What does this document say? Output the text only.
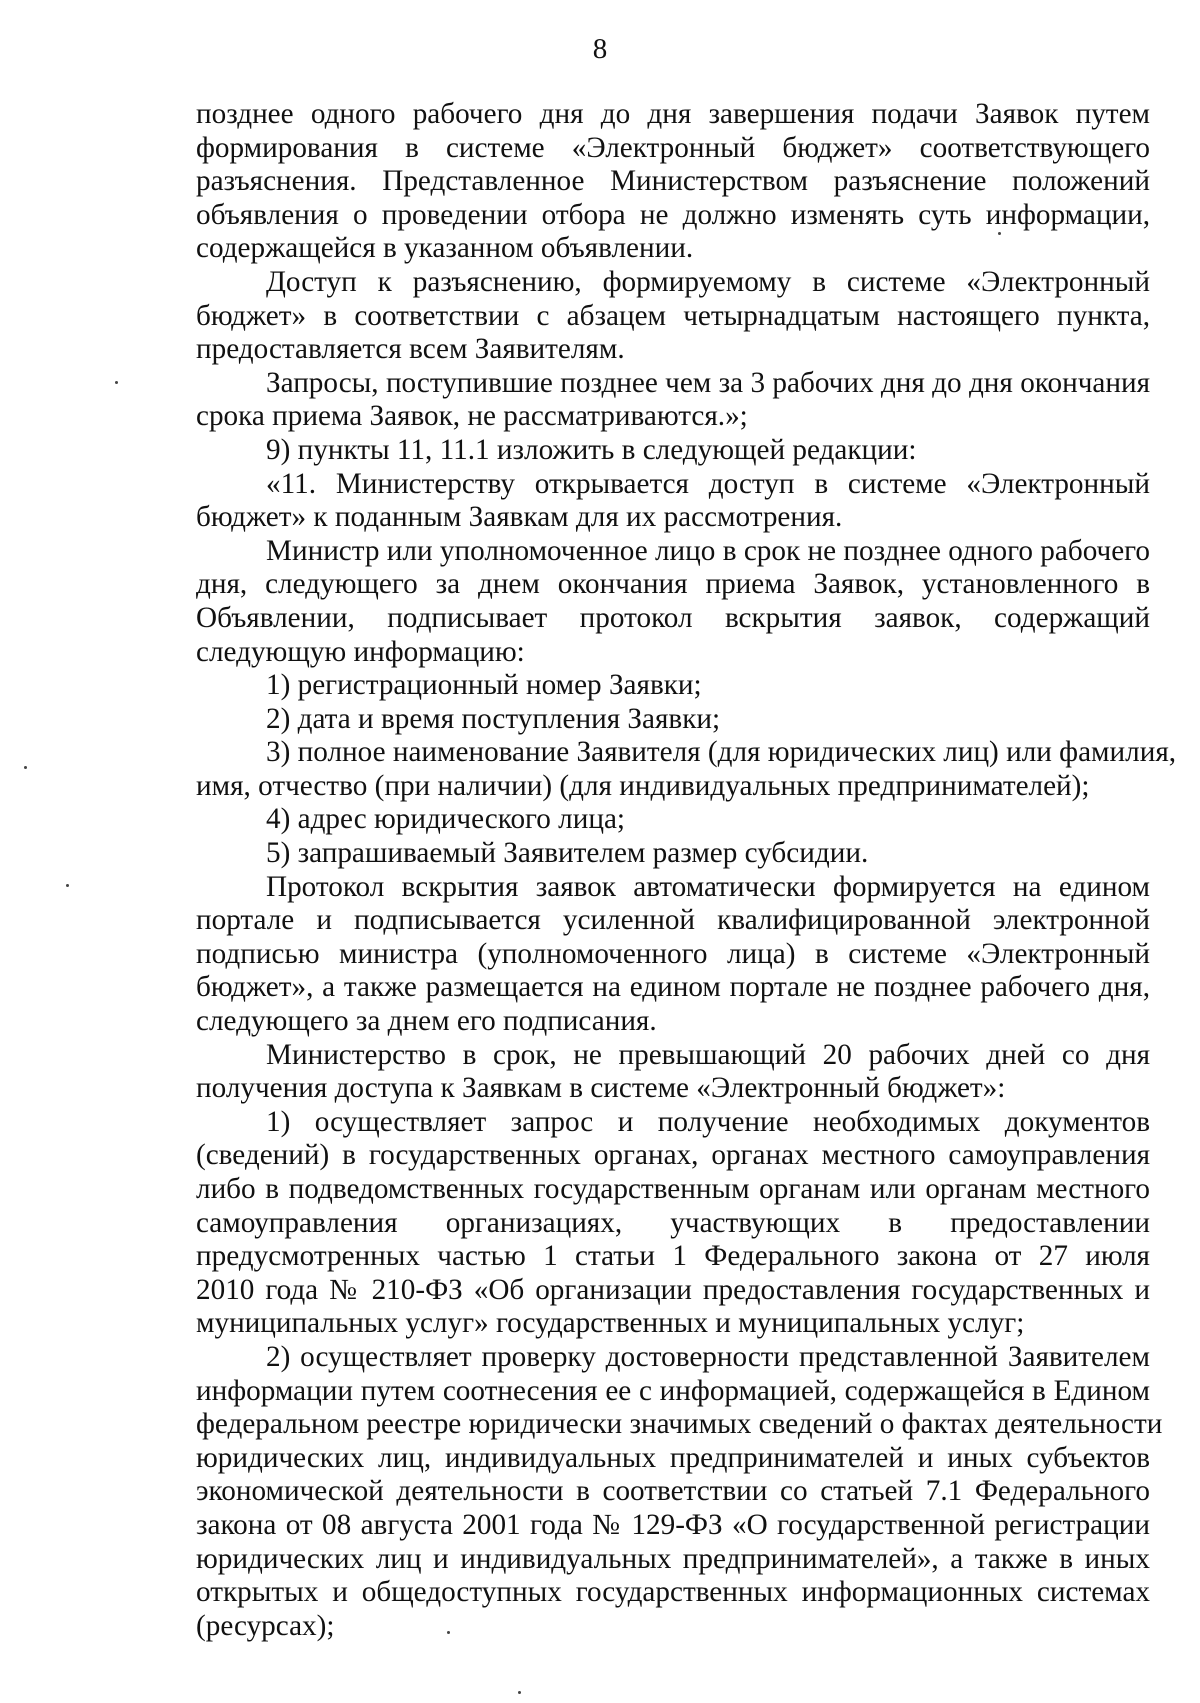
8
позднее одного рабочего дня до дня завершения подачи Заявок путем
формирования в системе «Электронный бюджет» соответствующего
разъяснения. Представленное Министерством разъяснение положений
объявления о проведении отбора не должно изменять суть информации,
содержащейся в указанном объявлении.
Доступ к разъяснению, формируемому в системе «Электронный
бюджет» в соответствии с абзацем четырнадцатым настоящего пункта,
предоставляется всем Заявителям.
Запросы, поступившие позднее чем за 3 рабочих дня до дня окончания
срока приема Заявок, не рассматриваются.»;
9) пункты 11, 11.1 изложить в следующей редакции:
«11. Министерству открывается доступ в системе «Электронный
бюджет» к поданным Заявкам для их рассмотрения.
Министр или уполномоченное лицо в срок не позднее одного рабочего
дня, следующего за днем окончания приема Заявок, установленного в
Объявлении, подписывает протокол вскрытия заявок, содержащий
следующую информацию:
1) регистрационный номер Заявки;
2) дата и время поступления Заявки;
3) полное наименование Заявителя (для юридических лиц) или фамилия,
имя, отчество (при наличии) (для индивидуальных предпринимателей);
4) адрес юридического лица;
5) запрашиваемый Заявителем размер субсидии.
Протокол вскрытия заявок автоматически формируется на едином
портале и подписывается усиленной квалифицированной электронной
подписью министра (уполномоченного лица) в системе «Электронный
бюджет», а также размещается на едином портале не позднее рабочего дня,
следующего за днем его подписания.
Министерство в срок, не превышающий 20 рабочих дней со дня
получения доступа к Заявкам в системе «Электронный бюджет»:
1) осуществляет запрос и получение необходимых документов
(сведений) в государственных органах, органах местного самоуправления
либо в подведомственных государственным органам или органам местного
самоуправления организациях, участвующих в предоставлении
предусмотренных частью 1 статьи 1 Федерального закона от 27 июля
2010 года № 210-ФЗ «Об организации предоставления государственных и
муниципальных услуг» государственных и муниципальных услуг;
2) осуществляет проверку достоверности представленной Заявителем
информации путем соотнесения ее с информацией, содержащейся в Едином
федеральном реестре юридически значимых сведений о фактах деятельности
юридических лиц, индивидуальных предпринимателей и иных субъектов
экономической деятельности в соответствии со статьей 7.1 Федерального
закона от 08 августа 2001 года № 129-ФЗ «О государственной регистрации
юридических лиц и индивидуальных предпринимателей», а также в иных
открытых и общедоступных государственных информационных системах
(ресурсах);
